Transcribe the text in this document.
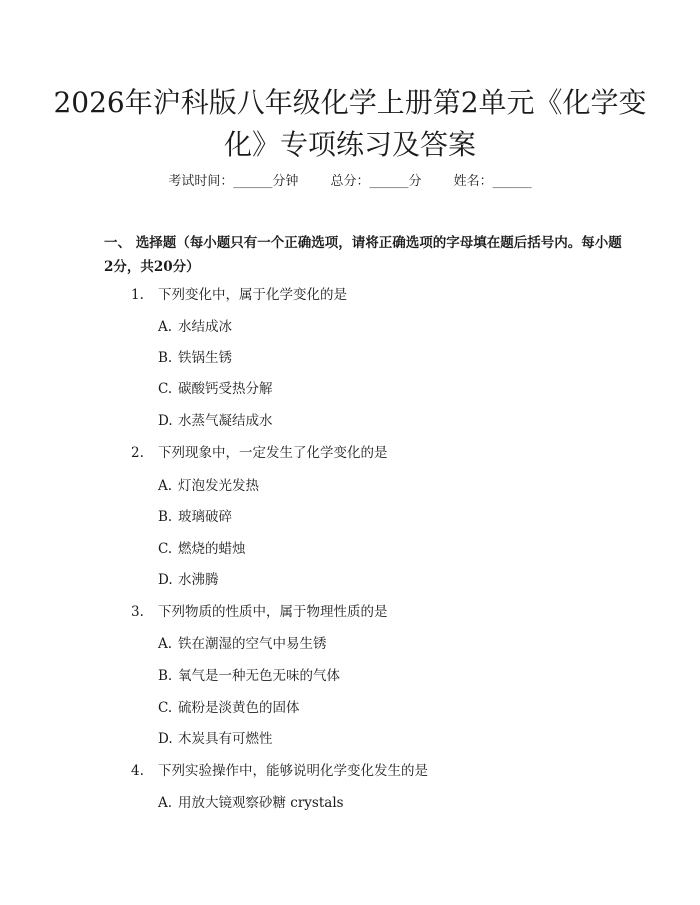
2026年沪科版八年级化学上册第2单元《化学变化》专项练习及答案
考试时间：______分钟 总分：______分 姓名：______
一、 选择题（每小题只有一个正确选项，请将正确选项的字母填在题后括号内。每小题2分，共20分）
1. 下列变化中，属于化学变化的是
A. 水结成冰
B. 铁锅生锈
C. 碳酸钙受热分解
D. 水蒸气凝结成水
2. 下列现象中，一定发生了化学变化的是
A. 灯泡发光发热
B. 玻璃破碎
C. 燃烧的蜡烛
D. 水沸腾
3. 下列物质的性质中，属于物理性质的是
A. 铁在潮湿的空气中易生锈
B. 氧气是一种无色无味的气体
C. 硫粉是淡黄色的固体
D. 木炭具有可燃性
4. 下列实验操作中，能够说明化学变化发生的是
A. 用放大镜观察砂糖 crystals
